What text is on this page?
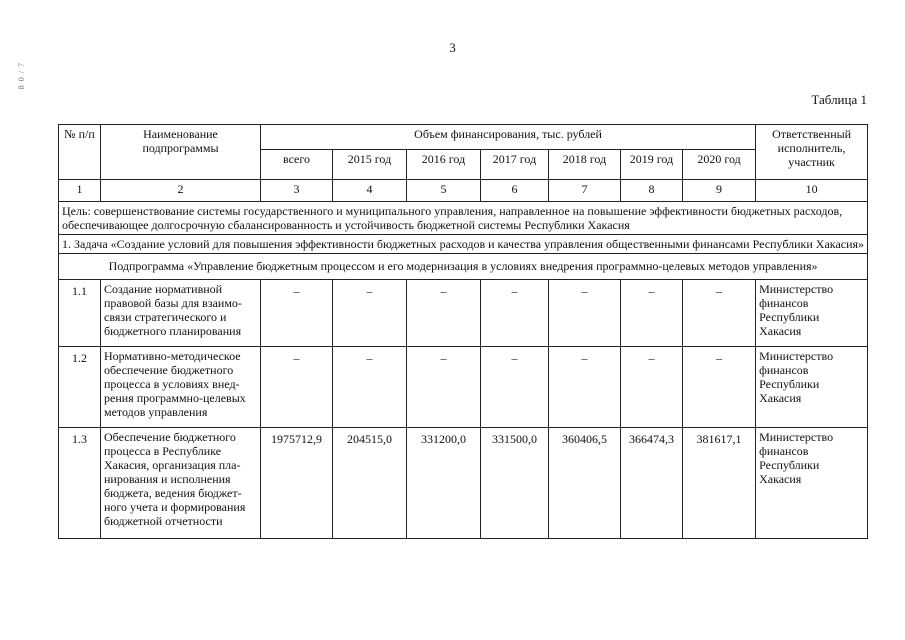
3
8 0 / 7
Таблица 1
№ п/п	Наименование подпрограммы	Объем финансирования, тыс. рублей							Ответственный исполнитель, участник
		всего	2015 год	2016 год	2017 год	2018 год	2019 год	2020 год	
1	2	3	4	5	6	7	8	9	10
Цель: совершенствование системы государственного и муниципального управления, направленное на повышение эффективности бюджетных расходов, обеспечивающее долгосрочную сбалансированность и устойчивость бюджетной системы Республики Хакасия									
1. Задача «Создание условий для повышения эффективности бюджетных расходов и качества управления общественными финансами Республики Хакасия»									
Подпрограмма «Управление бюджетным процессом и его модернизация в условиях внедрения программно-целевых методов управления»									
1.1	Создание нормативной правовой базы для взаимо-связи стратегического и бюджетного планирования	–	–	–	–	–	–	–	Министерство финансов Республики Хакасия
1.2	Нормативно-методическое обеспечение бюджетного процесса в условиях внед-рения программно-целевых методов управления	–	–	–	–	–	–	–	Министерство финансов Республики Хакасия
1.3	Обеспечение бюджетного процесса в Республике Хакасия, организация пла-нирования и исполнения бюджета, ведения бюджет-ного учета и формирования бюджетной отчетности	1975712,9	204515,0	331200,0	331500,0	360406,5	366474,3	381617,1	Министерство финансов Республики Хакасия
